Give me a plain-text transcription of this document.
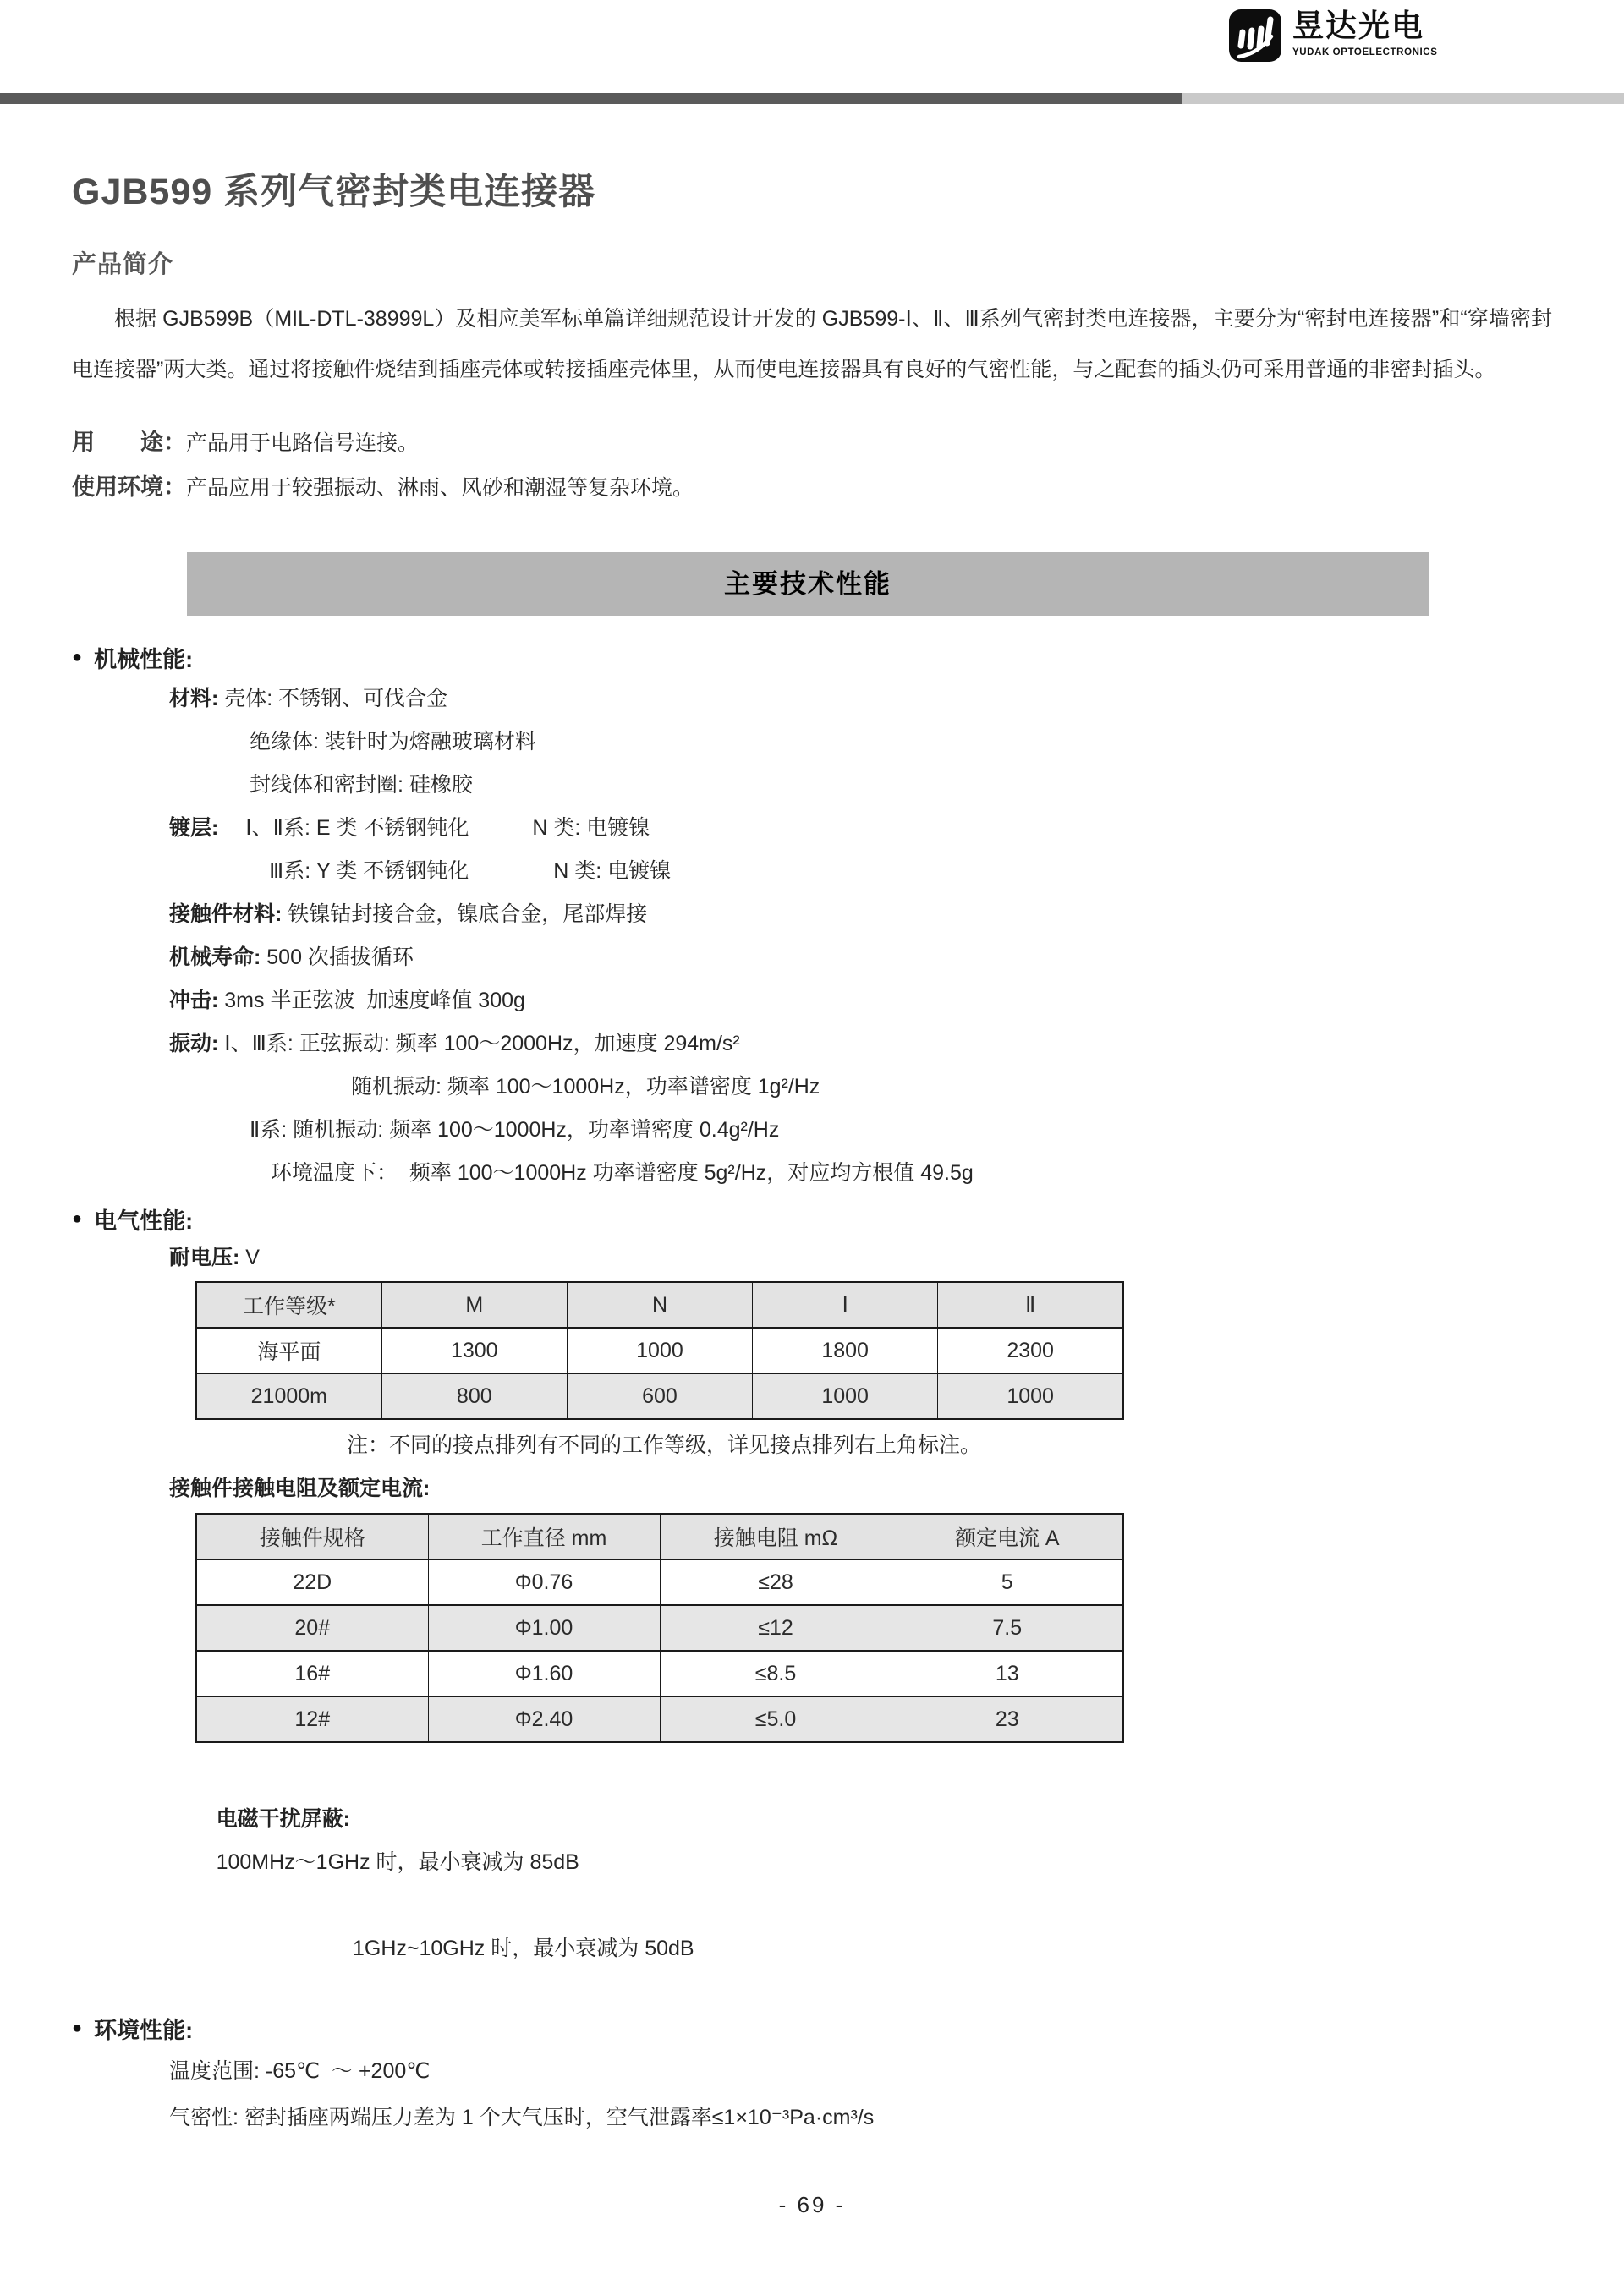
昱达光电
YUDAK OPTOELECTRONICS
GJB599 系列气密封类电连接器
产品简介

根据 GJB599B（MIL-DTL-38999L）及相应美军标单篇详细规范设计开发的 GJB599-Ⅰ、Ⅱ、Ⅲ系列气密封类电连接器，主要分为“密封电连接器”和“穿墙密封电连接器”两大类。通过将接触件烧结到插座壳体或转接插座壳体里，从而使电连接器具有良好的气密性能，与之配套的插头仍可采用普通的非密封插头。

用　　途：产品用于电路信号连接。
使用环境：产品应用于较强振动、淋雨、风砂和潮湿等复杂环境。
主要技术性能
● 机械性能:
材料: 壳体: 不锈钢、可伐合金
绝缘体: 装针时为熔融玻璃材料
封线体和密封圈: 硅橡胶
镀层: 　Ⅰ、Ⅱ系: E 类 不锈钢钝化　　　N 类: 电镀镍
Ⅲ系: Y 类 不锈钢钝化　　　　N 类: 电镀镍
接触件材料: 铁镍钴封接合金，镍底合金，尾部焊接
机械寿命: 500 次插拔循环
冲击: 3ms 半正弦波  加速度峰值 300g
振动: Ⅰ、Ⅲ系: 正弦振动: 频率 100～2000Hz，加速度 294m/s²
随机振动: 频率 100～1000Hz，功率谱密度 1g²/Hz
Ⅱ系: 随机振动: 频率 100～1000Hz，功率谱密度 0.4g²/Hz
环境温度下：  频率 100～1000Hz 功率谱密度 5g²/Hz，对应均方根值 49.5g
● 电气性能:
耐电压: V
工作等级*	M	N	Ⅰ	Ⅱ
海平面	1300	1000	1800	2300
21000m	800	600	1000	1000
注：不同的接点排列有不同的工作等级，详见接点排列右上角标注。
接触件接触电阻及额定电流:
接触件规格	工作直径 mm	接触电阻 mΩ	额定电流 A
22D	Φ0.76	≤28	5
20#	Φ1.00	≤12	7.5
16#	Φ1.60	≤8.5	13
12#	Φ2.40	≤5.0	23

电磁干扰屏蔽:
100MHz～1GHz 时，最小衰减为 85dB

1GHz~10GHz 时，最小衰减为 50dB
● 环境性能:
温度范围: -65℃  ～ +200℃
气密性: 密封插座两端压力差为 1 个大气压时，空气泄露率≤1×10⁻³Pa·cm³/s
- 69 -
